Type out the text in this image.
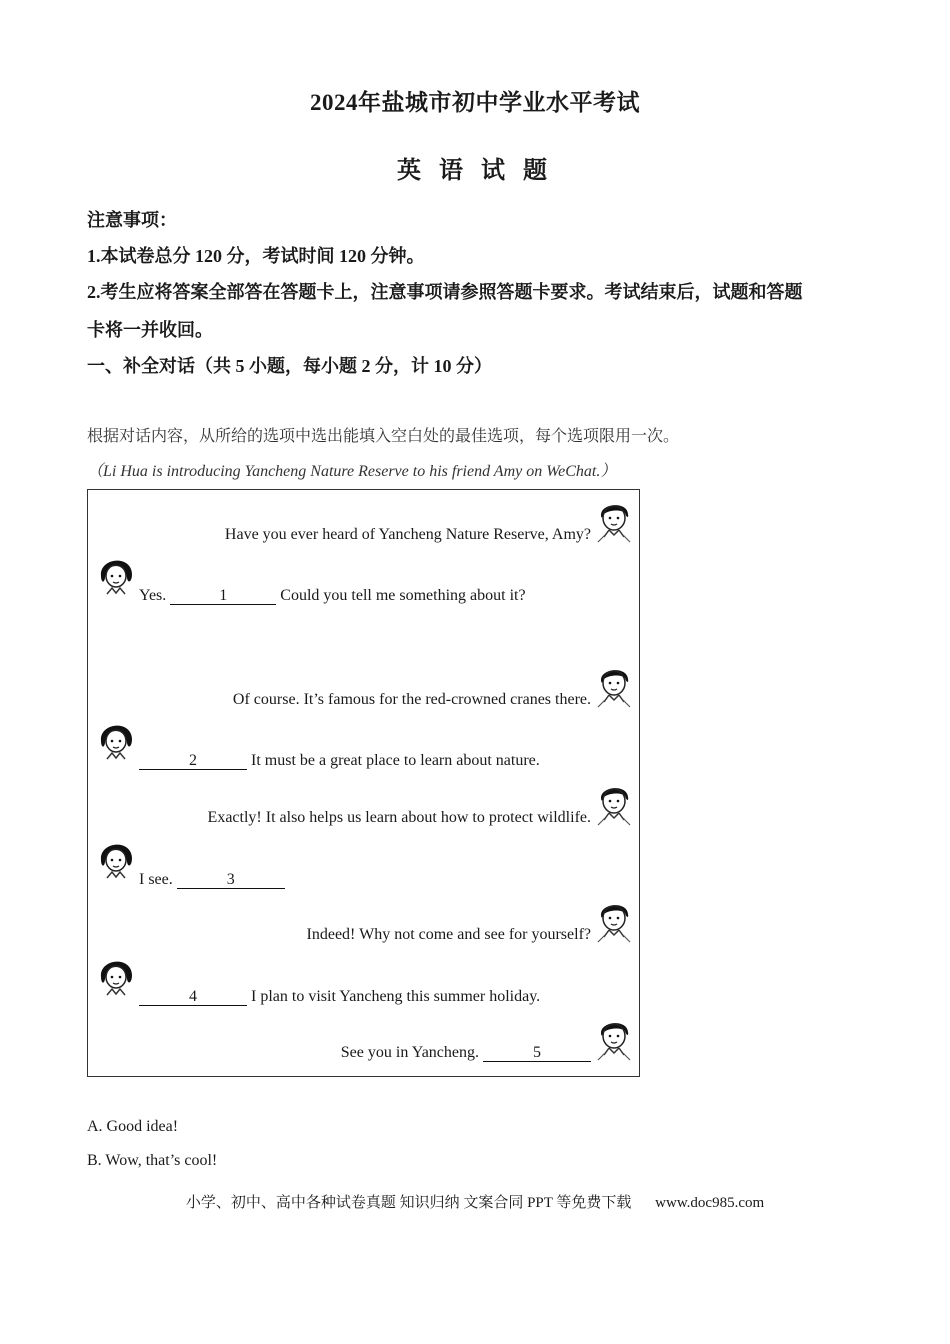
2024年盐城市初中学业水平考试
英 语 试 题
注意事项：
1.本试卷总分 120 分，考试时间 120 分钟。
2.考生应将答案全部答在答题卡上，注意事项请参照答题卡要求。考试结束后，试题和答题
卡将一并收回。
一、补全对话（共 5 小题，每小题 2 分，计 10 分）
根据对话内容，从所给的选项中选出能填入空白处的最佳选项，每个选项限用一次。
（Li Hua is introducing Yancheng Nature Reserve to his friend Amy on WeChat.）
Have you ever heard of Yancheng Nature Reserve, Amy?
Yes.	1	Could you tell me something about it?
Of course. It’s famous for the red-crowned cranes there.
2	It must be a great place to learn about nature.
Exactly! It also helps us learn about how to protect wildlife.
I see.	3
Indeed! Why not come and see for yourself?
4	I plan to visit Yancheng this summer holiday.
See you in Yancheng.	5
A. Good idea!
B. Wow, that’s cool!
小学、初中、高中各种试卷真题 知识归纳 文案合同 PPT 等免费下载 www.doc985.com
